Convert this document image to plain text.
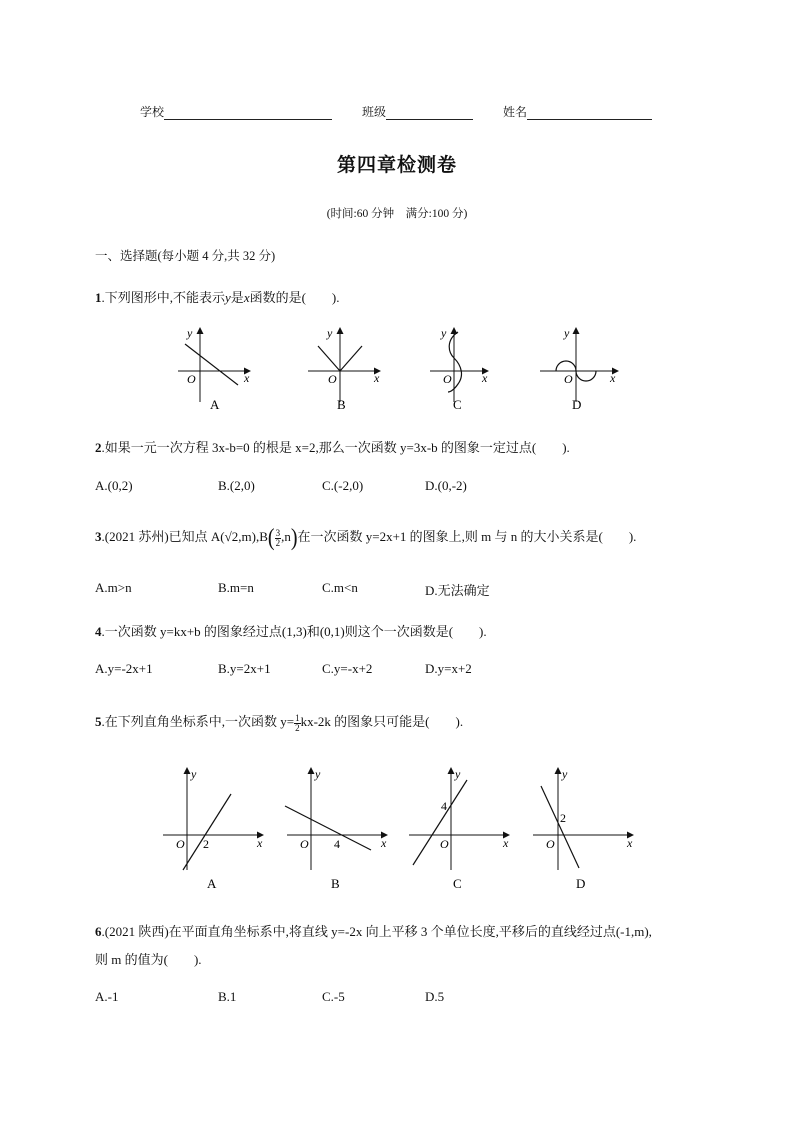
学校	班级	姓名
第四章检测卷
(时间:60 分钟　满分:100 分)
一、选择题(每小题 4 分,共 32 分)
1.下列图形中,不能表示y是x函数的是(　　).
y
x
O
A
y
x
O
B
y
x
O
C
y
x
O
D
2.如果一元一次方程 3x-b=0 的根是 x=2,那么一次函数 y=3x-b 的图象一定过点(　　).
A.(0,2)	B.(2,0)	C.(-2,0)	D.(0,-2)
3.(2021 苏州)已知点 $A(√2,m),B( \frac{3}{2} ,n)$在一次函数 y=2x+1 的图象上,则 m 与 n 的大小关系是(　　).
A.m>n	B.m=n	C.m<n	D.无法确定
4.一次函数 y=kx+b 的图象经过点(1,3)和(0,1)则这个一次函数是(　　).
A.y=-2x+1	B.y=2x+1	C.y=-x+2	D.y=x+2
5.在下列直角坐标系中,一次函数 $y= \frac{1}{2} kx-2k$ 的图象只可能是(　　).
y
x
O 2
A
y
x
O 4
B
y
x
O
4
C
y
x
O
2
D
6.(2021 陕西)在平面直角坐标系中,将直线 y=-2x 向上平移 3 个单位长度,平移后的直线经过点(-1,m),
则 m 的值为(　　).
A.-1	B.1	C.-5	D.5
